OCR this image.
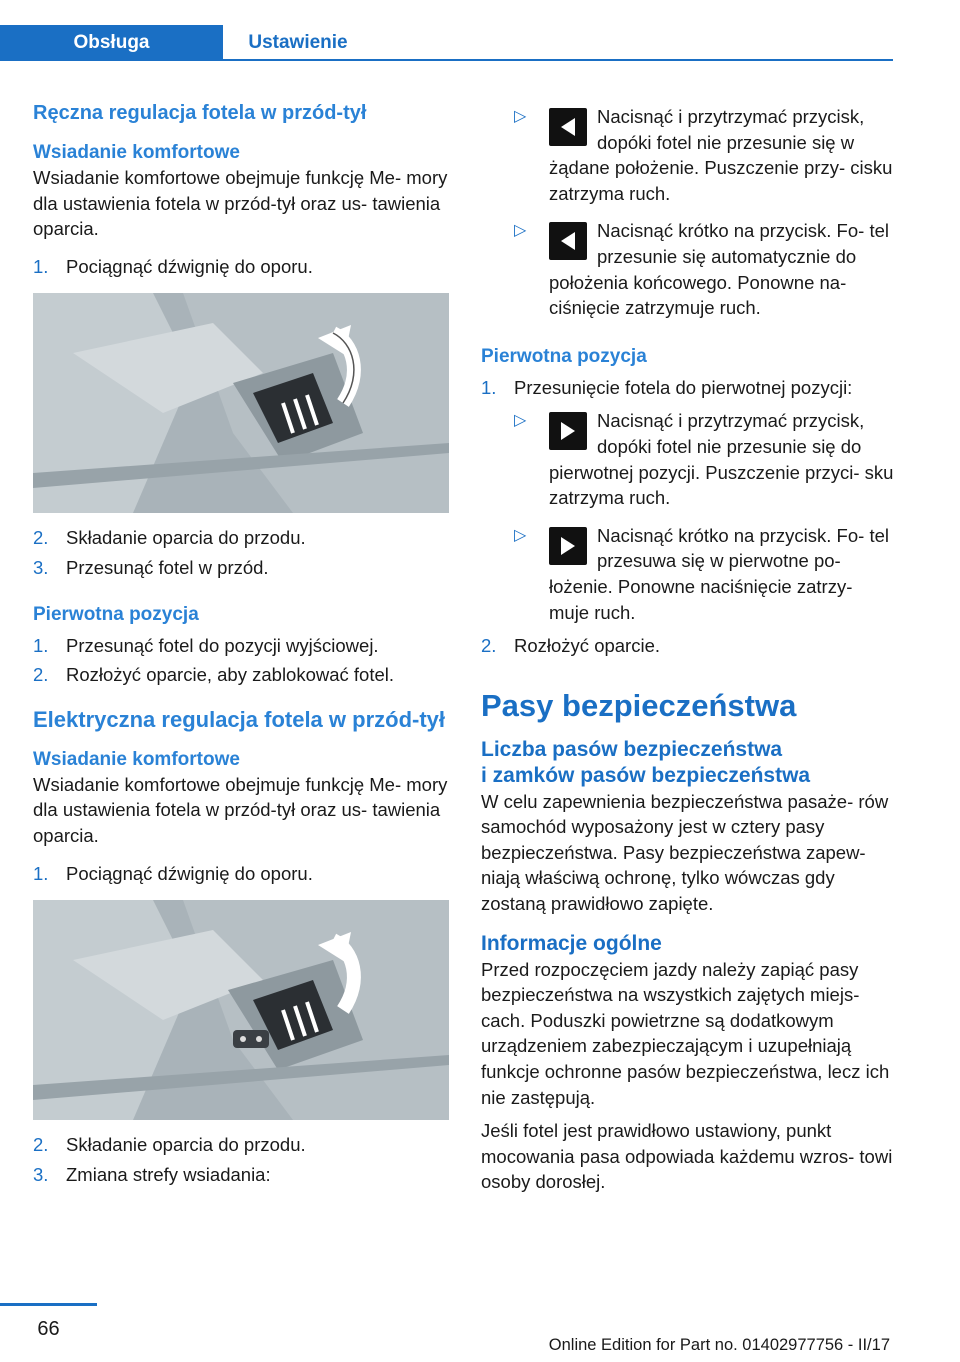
Obsługa	Ustawienie
Ręczna regulacja fotela w przód-tył
Wsiadanie komfortowe

Wsiadanie komfortowe obejmuje funkcję Me- mory dla ustawienia fotela w przód-tył oraz us- tawienia oparcia.

1. Pociągnąć dźwignię do oporu.
2. Składanie oparcia do przodu.
3. Przesunąć fotel w przód.
Pierwotna pozycja
1. Przesunąć fotel do pozycji wyjściowej.
2. Rozłożyć oparcie, aby zablokować fotel.
Elektryczna regulacja fotela w przód-tył
Wsiadanie komfortowe

Wsiadanie komfortowe obejmuje funkcję Me- mory dla ustawienia fotela w przód-tył oraz us- tawienia oparcia.

1. Pociągnąć dźwignię do oporu.
2. Składanie oparcia do przodu.
3. Zmiana strefy wsiadania:
▷	Nacisnąć i przytrzymać przycisk, dopóki fotel nie przesunie się w żądane położenie. Puszczenie przy- cisku zatrzyma ruch.
▷	Nacisnąć krótko na przycisk. Fo- tel przesunie się automatycznie do położenia końcowego. Ponowne na- ciśnięcie zatrzymuje ruch.
Pierwotna pozycja
1. Przesunięcie fotela do pierwotnej pozycji:
▷	Nacisnąć i przytrzymać przycisk, dopóki fotel nie przesunie się do pierwotnej pozycji. Puszczenie przyci- sku zatrzyma ruch.
▷	Nacisnąć krótko na przycisk. Fo- tel przesuwa się w pierwotne po- łożenie. Ponowne naciśnięcie zatrzy- muje ruch.
2. Rozłożyć oparcie.
Pasy bezpieczeństwa
Liczba pasów bezpieczeństwa
i zamków pasów bezpieczeństwa

W celu zapewnienia bezpieczeństwa pasaże- rów samochód wyposażony jest w cztery pasy bezpieczeństwa. Pasy bezpieczeństwa zapew- niają właściwą ochronę, tylko wówczas gdy zostaną prawidłowo zapięte.

Informacje ogólne

Przed rozpoczęciem jazdy należy zapiąć pasy bezpieczeństwa na wszystkich zajętych miejs- cach. Poduszki powietrzne są dodatkowym urządzeniem zabezpieczającym i uzupełniają funkcje ochronne pasów bezpieczeństwa, lecz ich nie zastępują.

Jeśli fotel jest prawidłowo ustawiony, punkt mocowania pasa odpowiada każdemu wzros- towi osoby dorosłej.

66
Online Edition for Part no. 01402977756 - II/17
